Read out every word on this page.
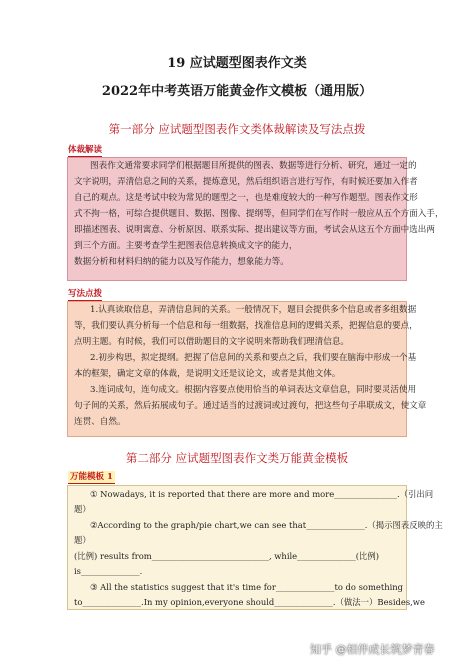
19 应试题型图表作文类
2022年中考英语万能黄金作文模板（通用版）
第一部分 应试题型图表作文类体裁解读及写法点拨
体裁解读
图表作文通常要求同学们根据题目所提供的图表、数据等进行分析、研究，通过一定的
文字说明，弄清信息之间的关系，提炼意见，然后组织语言进行写作，有时候还要加入作者
自己的观点。这是考试中较为常见的题型之一，也是难度较大的一种写作题型。图表作文形
式不拘一格，可综合提供题目、数据、图像、提纲等，但同学们在写作时一般应从五个方面入手，
即描述图表、说明寓意、分析原因、联系实际、提出建议等方面，考试会从这五个方面中选出两
到三个方面。主要考查学生把图表信息转换成文字的能力，
数据分析和材料归纳的能力以及写作能力，想象能力等。
写法点拨
1.认真读取信息，弄清信息间的关系。一般情况下，题目会提供多个信息或者多组数据
等，我们要认真分析每一个信息和每一组数据，找准信息间的逻辑关系，把握信息的要点，
点明主题。有时候，我们可以借助题目的文字说明来帮助我们理清信息。
2.初步构思，拟定提纲。把握了信息间的关系和要点之后，我们要在脑海中形成一个基
本的框架，确定文章的体裁，是说明文还是议论文，或者是其他文体。
3.连词成句，连句成文。根据内容要点使用恰当的单词表达文章信息，同时要灵活使用
句子间的关系，然后拓展成句子。通过适当的过渡词或过渡句，把这些句子串联成文，使文章
连贯、自然。
第二部分 应试题型图表作文类万能黄金模板
万能模板 1
① Nowadays, it is reported that there are more and more_______________.（引出问
题）
②According to the graph/pie chart,we can see that______________.（揭示图表反映的主
题）
(比例) results from____________________________, while______________(比例)
is______________.
③ All the statistics suggest that it's time for______________to do something
to______________.In my opinion,everyone should______________.（做法一）Besides,we
知乎 @相伴成长筑梦青春
